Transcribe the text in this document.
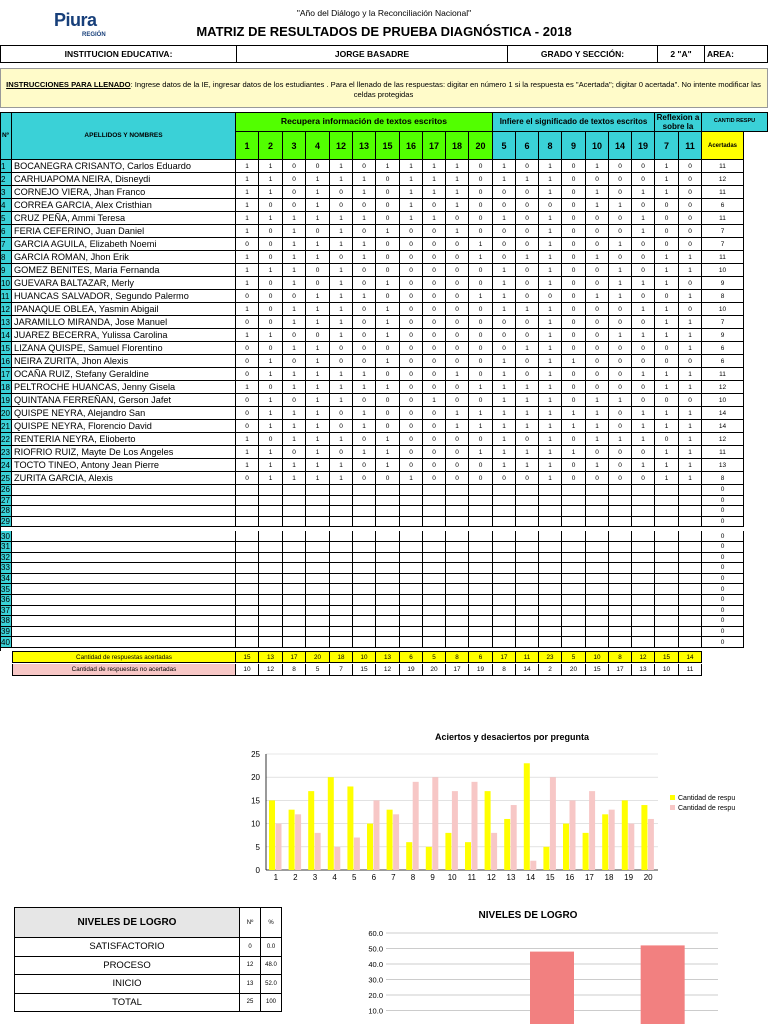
Piura
REGIÓN
"Año del Diálogo y la Reconciliación Nacional"
MATRIZ DE RESULTADOS DE PRUEBA DIAGNÓSTICA - 2018
INSTITUCION EDUCATIVA:	JORGE BASADRE	GRADO Y SECCIÓN:	2 "A"	AREA:
INSTRUCCIONES PARA LLENADO: Ingrese datos de la IE, ingresar datos de los estudiantes . Para el llenado de las respuestas: digitar en número 1 si la respuesta es "Acertada"; digitar 0 acertada". No intente modificar las celdas protegidas
Nº	APELLIDOS Y NOMBRES
Recupera información de textos escritos	Infiere el significado de textos escritos	Reflexion a sobre la
CANTID RESPU
1	2	3	4	12	13	15	16	17	18	20	5	6	8	9	10	14	19	7	11	Acertadas
1 BOCANEGRA CRISANTO, Carlos Eduardo	1	1	0	0	1	0	1	1	1	1	0	1	0	1	0	1	0	0	1	0	11
2 CARHUAPOMA NEIRA, Disneydi	1	1	0	1	1	1	0	1	1	1	0	1	1	1	0	0	0	0	1	0	12
3 CORNEJO VIERA, Jhan Franco	1	1	0	1	0	1	0	1	1	1	0	0	0	1	0	1	0	1	1	0	11
4 CORREA GARCIA, Alex Cristhian	1	0	0	1	0	0	0	1	0	1	0	0	0	0	0	1	1	0	0	0	6
5 CRUZ PEÑA, Ammi Teresa	1	1	1	1	1	1	0	1	1	0	0	1	0	1	0	0	0	1	0	0	11
6 FERIA CEFERINO, Juan Daniel	1	0	1	0	1	0	1	0	0	1	0	0	0	1	0	0	0	1	0	0	7
7 GARCIA AGUILA, Elizabeth Noemi	0	0	1	1	1	1	0	0	0	0	1	0	0	1	0	0	1	0	0	0	7
8 GARCIA ROMAN, Jhon Erik	1	0	1	1	0	1	0	0	0	0	1	0	1	1	0	1	0	0	1	1	11
9 GOMEZ BENITES, Maria Fernanda	1	1	1	0	1	0	0	0	0	0	0	1	0	1	0	0	1	0	1	1	10
10 GUEVARA BALTAZAR, Merly	1	0	1	0	1	0	1	0	0	0	0	1	0	1	0	0	1	1	1	0	9
11 HUANCAS SALVADOR, Segundo Palermo	0	0	0	1	1	1	0	0	0	0	1	1	0	0	0	1	1	0	0	1	8
12 IPANAQUE OBLEA, Yasmin Abigail	1	0	1	1	1	0	1	0	0	0	0	1	1	1	0	0	0	1	1	0	10
13 JARAMILLO MIRANDA, Jose Manuel	0	0	1	1	1	0	1	0	0	0	0	0	0	1	0	0	0	0	1	1	7
14 JUAREZ BECERRA, Yulissa Carolina	1	1	0	0	1	0	1	0	0	0	0	0	0	1	0	0	1	1	1	1	9
15 LIZANA QUISPE, Samuel Florentino	0	0	1	1	0	0	0	0	0	0	0	0	1	1	0	0	0	0	0	1	6
16 NEIRA ZURITA, Jhon Alexis	0	1	0	1	0	0	1	0	0	0	0	1	0	1	1	0	0	0	0	0	6
17 OCAÑA RUIZ, Stefany Geraldine	0	1	1	1	1	1	0	0	0	1	0	1	0	1	0	0	0	1	1	1	11
18 PELTROCHE HUANCAS, Jenny Gisela	1	0	1	1	1	1	1	0	0	0	1	1	1	1	0	0	0	0	1	1	12
19 QUINTANA FERREÑAN, Gerson Jafet	0	1	0	1	1	0	0	0	1	0	0	1	1	1	0	1	1	0	0	0	10
20 QUISPE NEYRA, Alejandro San	0	1	1	1	0	1	0	0	0	1	1	1	1	1	1	1	0	1	1	1	14
21 QUISPE NEYRA, Florencio David	0	1	1	1	0	1	0	0	0	1	1	1	1	1	1	1	0	1	1	1	14
22 RENTERIA NEYRA, Elioberto	1	0	1	1	1	0	1	0	0	0	0	1	0	1	0	1	1	1	0	1	12
23 RIOFRIO RUIZ, Mayte De Los Angeles	1	1	0	1	0	1	1	0	0	0	1	1	1	1	1	0	0	0	1	1	11
24 TOCTO TINEO, Antony Jean Pierre	1	1	1	1	1	0	1	0	0	0	0	1	1	1	0	1	0	1	1	1	13
25 ZURITA GARCIA, Alexis	0	1	1	1	1	0	0	1	0	0	0	0	0	1	0	0	0	0	1	1	8
26	0
27	0
28	0
29	0
30	0
31	0
32	0
33	0
34	0
35	0
36	0
37	0
38	0
39	0
40	0
Cantidad de respuestas acertadas	15	13	17	20	18	10	13	6	5	8	6	17	11	23	5	10	8	12	15	14
Cantidad de respuestas no acertadas	10	12	8	5	7	15	12	19	20	17	19	8	14	2	20	15	17	13	10	11
Aciertos y desaciertos por pregunta
0
5
10
15
20
25
1 2 3 4 5 6 7 8 9 10 11 12 13 14 15 16 17 18 19 20
Cantidad de respu
Cantidad de respu
NIVELES DE LOGRO	Nº	%
SATISFACTORIO	0	0.0
PROCESO	12	48.0
INICIO	13	52.0
TOTAL	25	100
NIVELES DE LOGRO
10.0
20.0
30.0
40.0
50.0
60.0
